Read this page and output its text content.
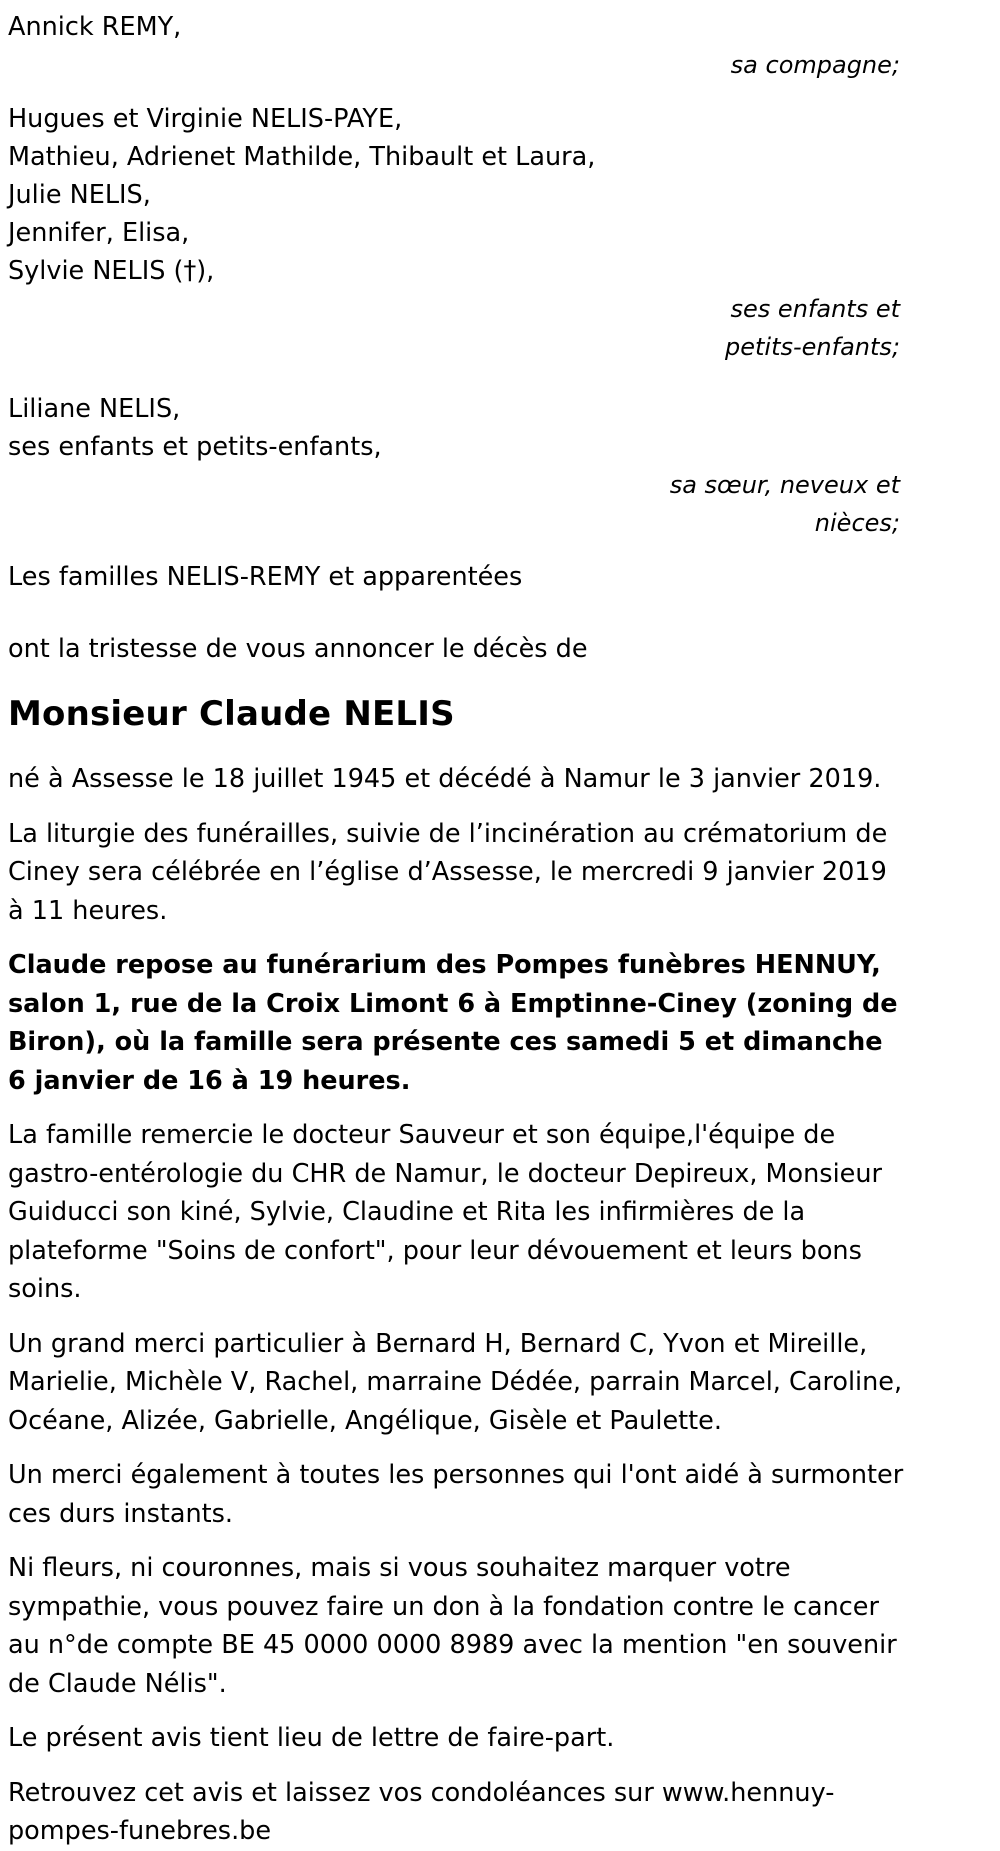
Annick REMY,
sa compagne;
Hugues et Virginie NELIS-PAYE,
Mathieu, Adrienet Mathilde, Thibault et Laura,
Julie NELIS,
Jennifer, Elisa,
Sylvie NELIS (†),
ses enfants et
petits-enfants;
Liliane NELIS,
ses enfants et petits-enfants,
sa sœur, neveux et
nièces;
Les familles NELIS-REMY et apparentées
ont la tristesse de vous annoncer le décès de
Monsieur Claude NELIS

né à Assesse le 18 juillet 1945 et décédé à Namur le 3 janvier 2019.

La liturgie des funérailles, suivie de l’incinération au crématorium de Ciney sera célébrée en l’église d’Assesse, le mercredi 9 janvier 2019 à 11 heures.

Claude repose au funérarium des Pompes funèbres HENNUY, salon 1, rue de la Croix Limont 6 à Emptinne-Ciney (zoning de Biron), où la famille sera présente ces samedi 5 et dimanche 6 janvier de 16 à 19 heures.

La famille remercie le docteur Sauveur et son équipe,l'équipe de gastro-entérologie du CHR de Namur, le docteur Depireux, Monsieur Guiducci son kiné, Sylvie, Claudine et Rita les infirmières de la plateforme "Soins de confort", pour leur dévouement et leurs bons soins.

Un grand merci particulier à Bernard H, Bernard C, Yvon et Mireille, Marielie, Michèle V, Rachel, marraine Dédée, parrain Marcel, Caroline, Océane, Alizée, Gabrielle, Angélique, Gisèle et Paulette.

Un merci également à toutes les personnes qui l'ont aidé à surmonter ces durs instants.

Ni fleurs, ni couronnes, mais si vous souhaitez marquer votre sympathie, vous pouvez faire un don à la fondation contre le cancer au n°de compte BE 45 0000 0000 8989 avec la mention "en souvenir de Claude Nélis".

Le présent avis tient lieu de lettre de faire-part.

Retrouvez cet avis et laissez vos condoléances sur www.hennuy-pompes-funebres.be
